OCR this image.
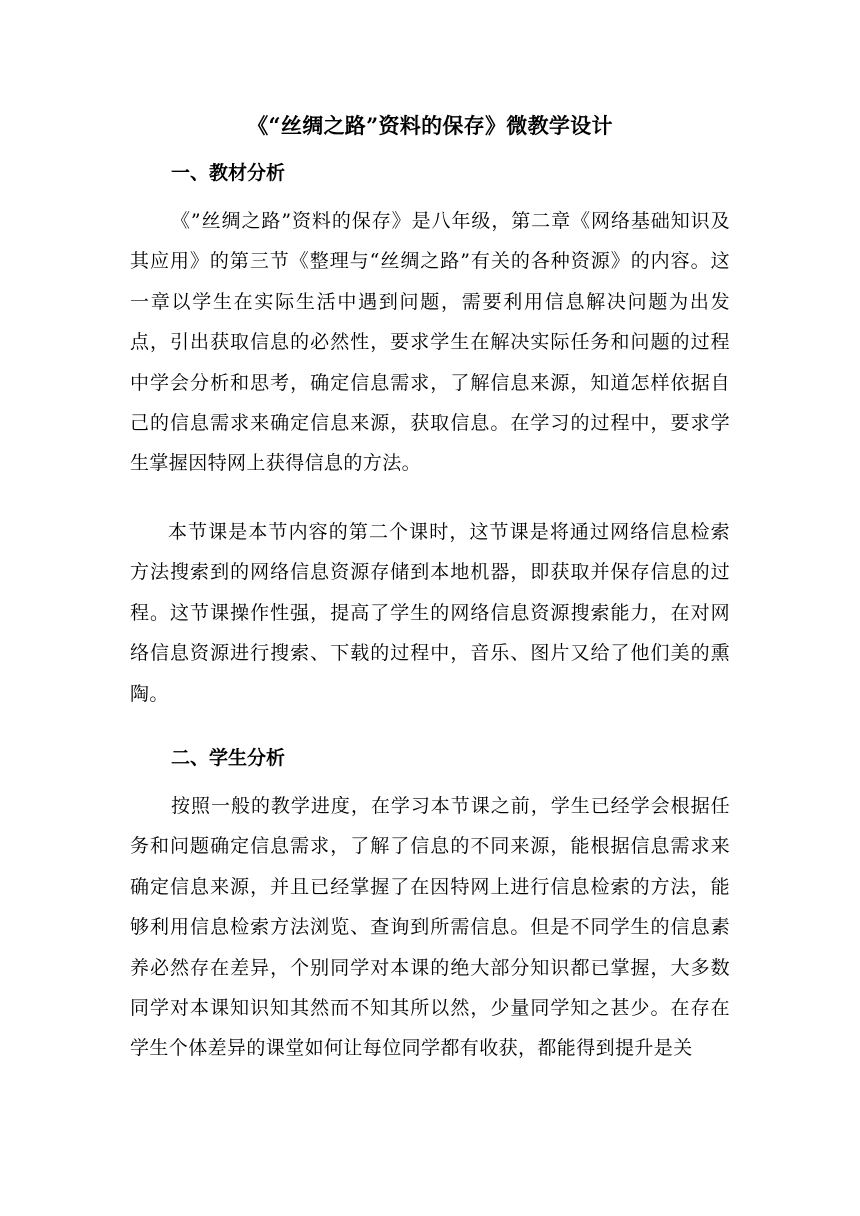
《“丝绸之路”资料的保存》微教学设计
一、教材分析

《”丝绸之路”资料的保存》是八年级，第二章《网络基础知识及其应用》的第三节《整理与“丝绸之路”有关的各种资源》的内容。这一章以学生在实际生活中遇到问题，需要利用信息解决问题为出发点，引出获取信息的必然性，要求学生在解决实际任务和问题的过程中学会分析和思考，确定信息需求，了解信息来源，知道怎样依据自己的信息需求来确定信息来源，获取信息。在学习的过程中，要求学生掌握因特网上获得信息的方法。

本节课是本节内容的第二个课时，这节课是将通过网络信息检索方法搜索到的网络信息资源存储到本地机器，即获取并保存信息的过程。这节课操作性强，提高了学生的网络信息资源搜索能力，在对网络信息资源进行搜索、下载的过程中，音乐、图片又给了他们美的熏陶。

二、学生分析

按照一般的教学进度，在学习本节课之前，学生已经学会根据任务和问题确定信息需求，了解了信息的不同来源，能根据信息需求来确定信息来源，并且已经掌握了在因特网上进行信息检索的方法，能够利用信息检索方法浏览、查询到所需信息。但是不同学生的信息素养必然存在差异，个别同学对本课的绝大部分知识都已掌握，大多数同学对本课知识知其然而不知其所以然，少量同学知之甚少。在存在学生个体差异的课堂如何让每位同学都有收获，都能得到提升是关
